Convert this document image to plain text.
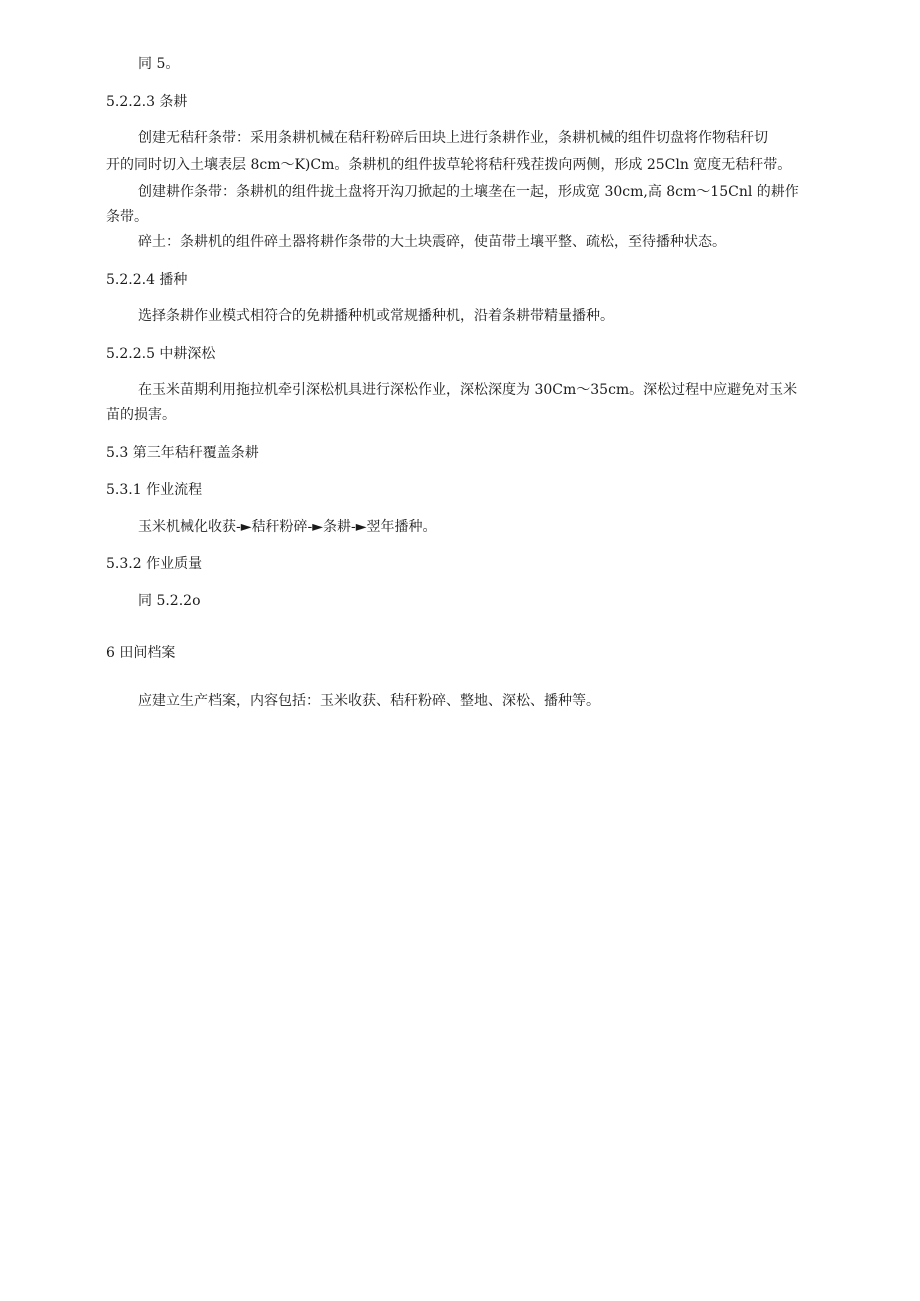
同 5。
5.2.2.3 条耕
创建无秸秆条带：采用条耕机械在秸秆粉碎后田块上进行条耕作业，条耕机械的组件切盘将作物秸秆切
开的同时切入土壤表层 8cm～K)Cm。条耕机的组件拔草轮将秸秆残茬拨向两侧，形成 25Cln 宽度无秸秆带。
创建耕作条带：条耕机的组件拢土盘将开沟刀掀起的土壤垄在一起，形成宽 30cm,高 8cm～15Cnl 的耕作
条带。
碎土：条耕机的组件碎土器将耕作条带的大土块震碎，使苗带土壤平整、疏松，至待播种状态。
5.2.2.4 播种
选择条耕作业模式相符合的免耕播种机或常规播种机，沿着条耕带精量播种。
5.2.2.5 中耕深松
在玉米苗期利用拖拉机牵引深松机具进行深松作业，深松深度为 30Cm～35cm。深松过程中应避免对玉米
苗的损害。
5.3 第三年秸秆覆盖条耕
5.3.1 作业流程
玉米机械化收获-►秸秆粉碎-►条耕-►翌年播种。
5.3.2 作业质量
同 5.2.2o
6 田间档案
应建立生产档案，内容包括：玉米收获、秸秆粉碎、整地、深松、播种等。
